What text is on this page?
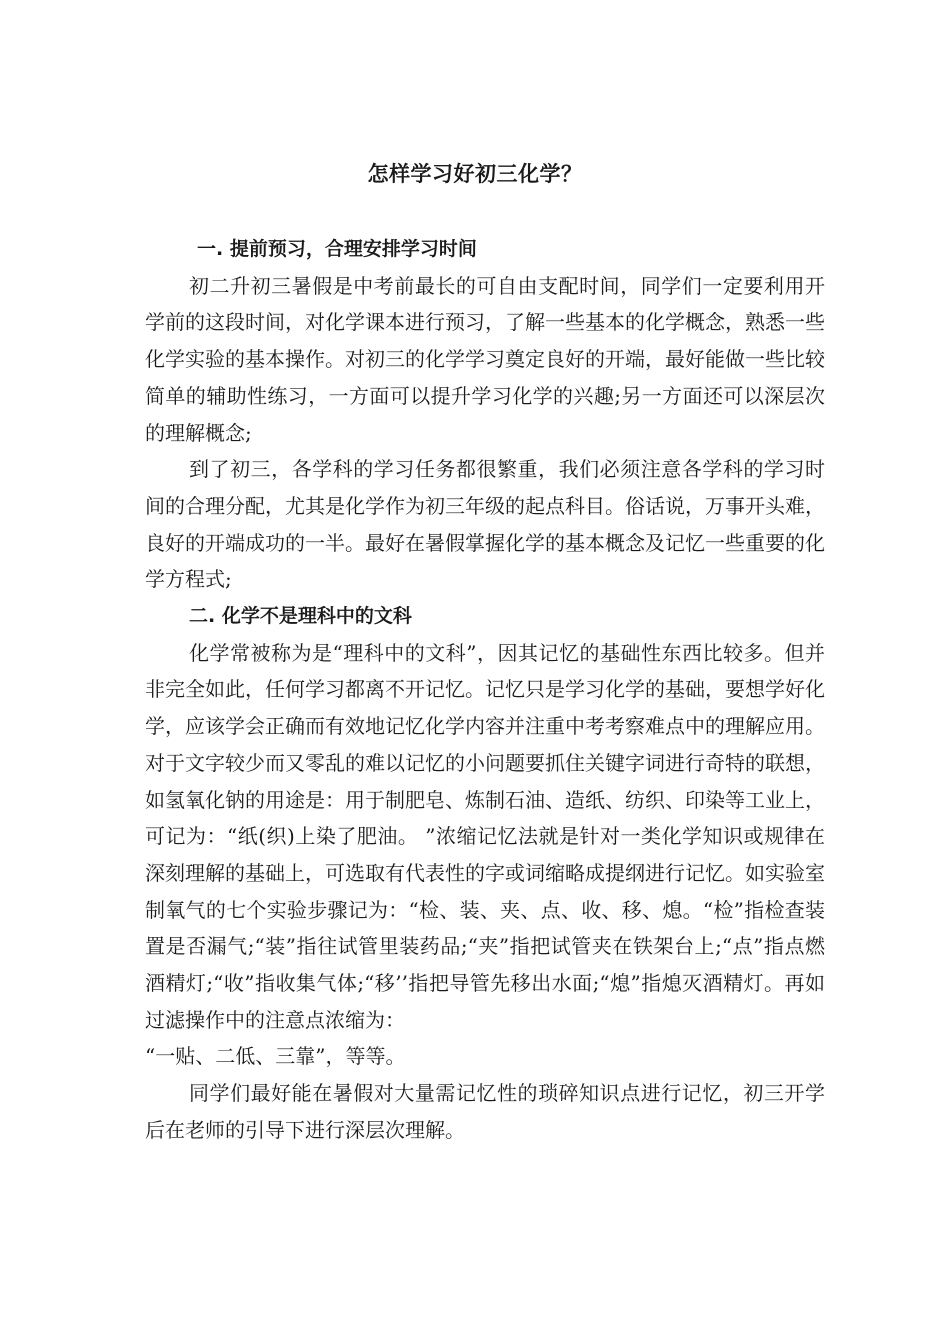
怎样学习好初三化学？

一. 提前预习，合理安排学习时间

初二升初三暑假是中考前最长的可自由支配时间，同学们一定要利用开学前的这段时间，对化学课本进行预习，了解一些基本的化学概念，熟悉一些化学实验的基本操作。对初三的化学学习奠定良好的开端，最好能做一些比较简单的辅助性练习，一方面可以提升学习化学的兴趣;另一方面还可以深层次的理解概念;

到了初三，各学科的学习任务都很繁重，我们必须注意各学科的学习时间的合理分配，尤其是化学作为初三年级的起点科目。俗话说，万事开头难，良好的开端成功的一半。最好在暑假掌握化学的基本概念及记忆一些重要的化学方程式;

二. 化学不是理科中的文科

化学常被称为是“理科中的文科”，因其记忆的基础性东西比较多。但并非完全如此，任何学习都离不开记忆。记忆只是学习化学的基础，要想学好化学，应该学会正确而有效地记忆化学内容并注重中考考察难点中的理解应用。对于文字较少而又零乱的难以记忆的小问题要抓住关键字词进行奇特的联想，如氢氧化钠的用途是：用于制肥皂、炼制石油、造纸、纺织、印染等工业上，可记为：“纸(织)上染了肥油。 ”浓缩记忆法就是针对一类化学知识或规律在深刻理解的基础上，可选取有代表性的字或词缩略成提纲进行记忆。如实验室制氧气的七个实验步骤记为：“检、装、夹、点、收、移、熄。“检”指检查装置是否漏气;“装”指往试管里装药品;“夹”指把试管夹在铁架台上;“点”指点燃酒精灯;“收”指收集气体;“移’’指把导管先移出水面;“熄”指熄灭酒精灯。再如过滤操作中的注意点浓缩为：

“一贴、二低、三靠”，等等。

同学们最好能在暑假对大量需记忆性的琐碎知识点进行记忆，初三开学后在老师的引导下进行深层次理解。
